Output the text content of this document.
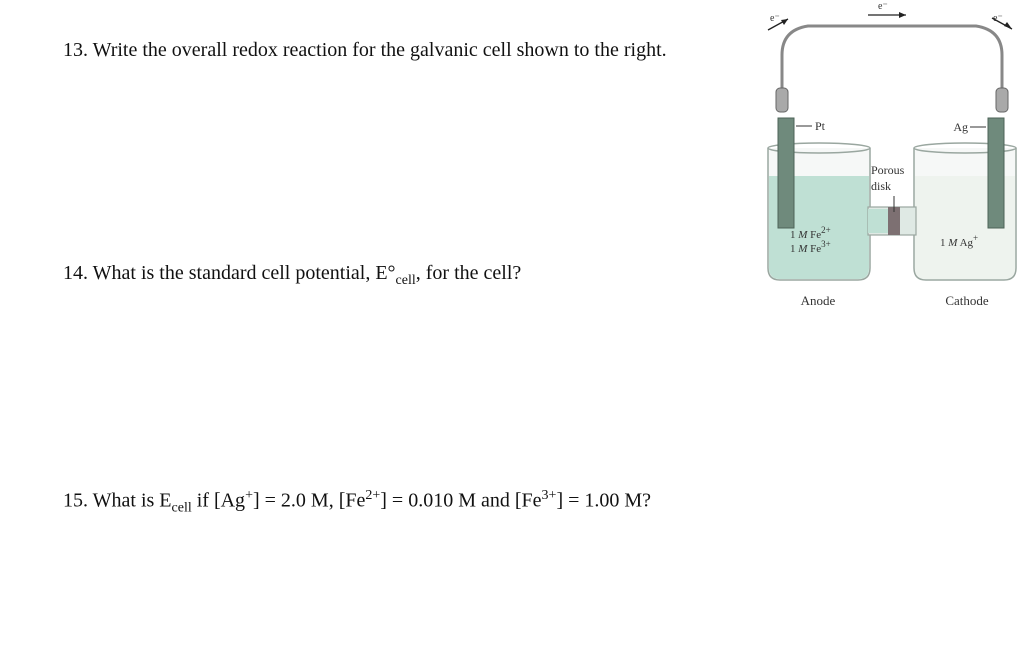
13. Write the overall redox reaction for the galvanic cell shown to the right.

14. What is the standard cell potential, $E^\circ_{cell}$, for the cell?

15. What is $E_{cell}$ if [Ag+] = 2.0 M, $[Fe^{2+}] = 0.010$ M and $[Fe^{3+}] = 1.00$ M?

e⁻
e⁻
e⁻
Pt	Ag
Porous
disk
1 M $Fe^{2+}$
1 M $Fe^{3+}$	1 M Ag+
Anode	Cathode
